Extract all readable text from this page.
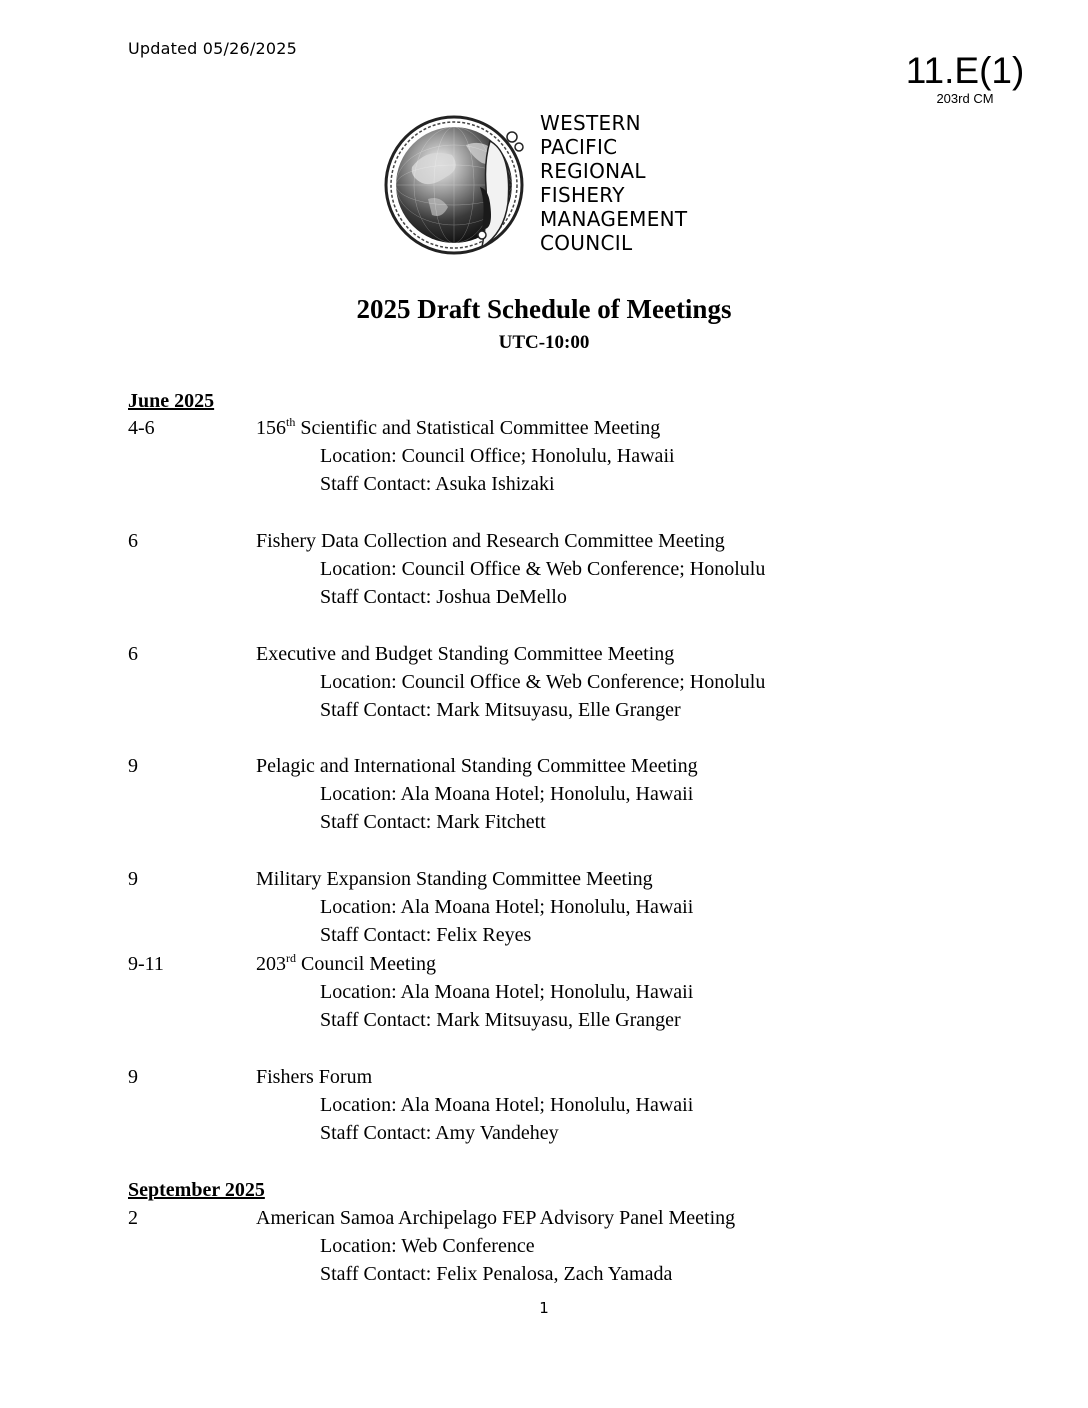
Updated 05/26/2025
11.E(1)
203rd CM
WESTERN
PACIFIC
REGIONAL
FISHERY
MANAGEMENT
COUNCIL
2025 Draft Schedule of Meetings
UTC-10:00
June 2025
4-6	156th Scientific and Statistical Committee Meeting
Location: Council Office; Honolulu, Hawaii
Staff Contact: Asuka Ishizaki
6	Fishery Data Collection and Research Committee Meeting
Location: Council Office & Web Conference; Honolulu
Staff Contact: Joshua DeMello
6	Executive and Budget Standing Committee Meeting
Location: Council Office & Web Conference; Honolulu
Staff Contact: Mark Mitsuyasu, Elle Granger
9	Pelagic and International Standing Committee Meeting
Location: Ala Moana Hotel; Honolulu, Hawaii
Staff Contact: Mark Fitchett
9	Military Expansion Standing Committee Meeting
Location: Ala Moana Hotel; Honolulu, Hawaii
Staff Contact: Felix Reyes
9-11	203rd Council Meeting
Location: Ala Moana Hotel; Honolulu, Hawaii
Staff Contact: Mark Mitsuyasu, Elle Granger
9	Fishers Forum
Location: Ala Moana Hotel; Honolulu, Hawaii
Staff Contact: Amy Vandehey
September 2025
2	American Samoa Archipelago FEP Advisory Panel Meeting
Location: Web Conference
Staff Contact: Felix Penalosa, Zach Yamada
1
